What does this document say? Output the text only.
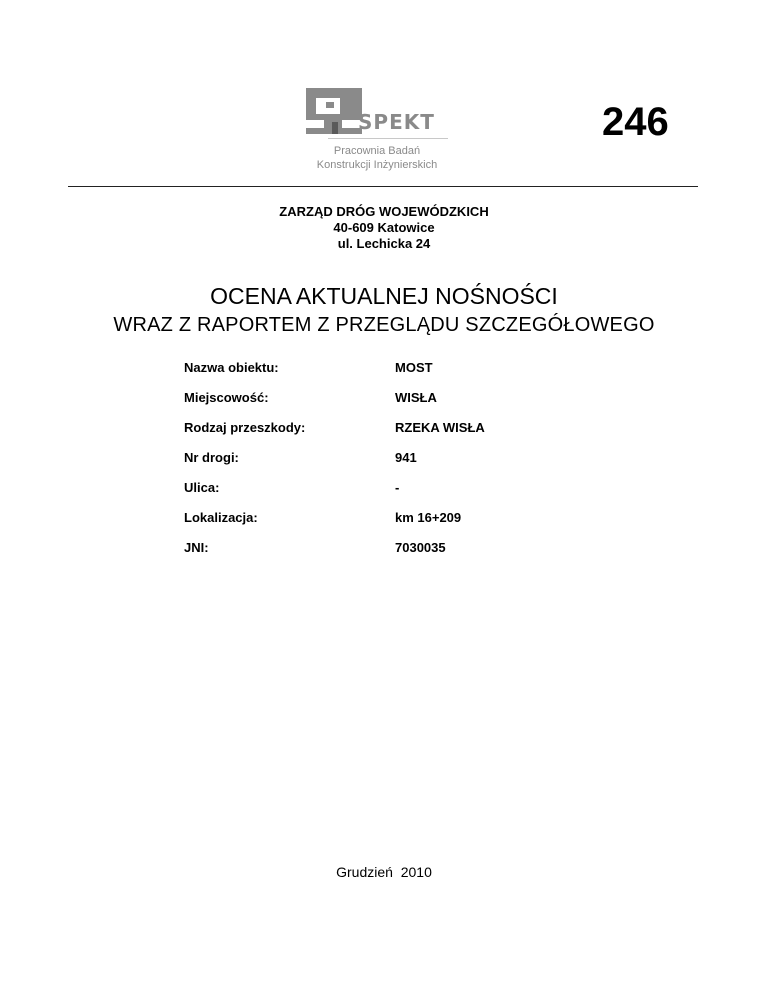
SPEKT
Pracownia Badań
Konstrukcji Inżynierskich
246
ZARZĄD DRÓG WOJEWÓDZKICH
40-609 Katowice
ul. Lechicka 24
OCENA AKTUALNEJ NOŚNOŚCI
WRAZ Z RAPORTEM Z PRZEGLĄDU SZCZEGÓŁOWEGO
Nazwa obiektu:	MOST
Miejscowość:	WISŁA
Rodzaj przeszkody:	RZEKA WISŁA
Nr drogi:	941
Ulica:	-
Lokalizacja:	km 16+209
JNI:	7030035
Grudzień  2010
